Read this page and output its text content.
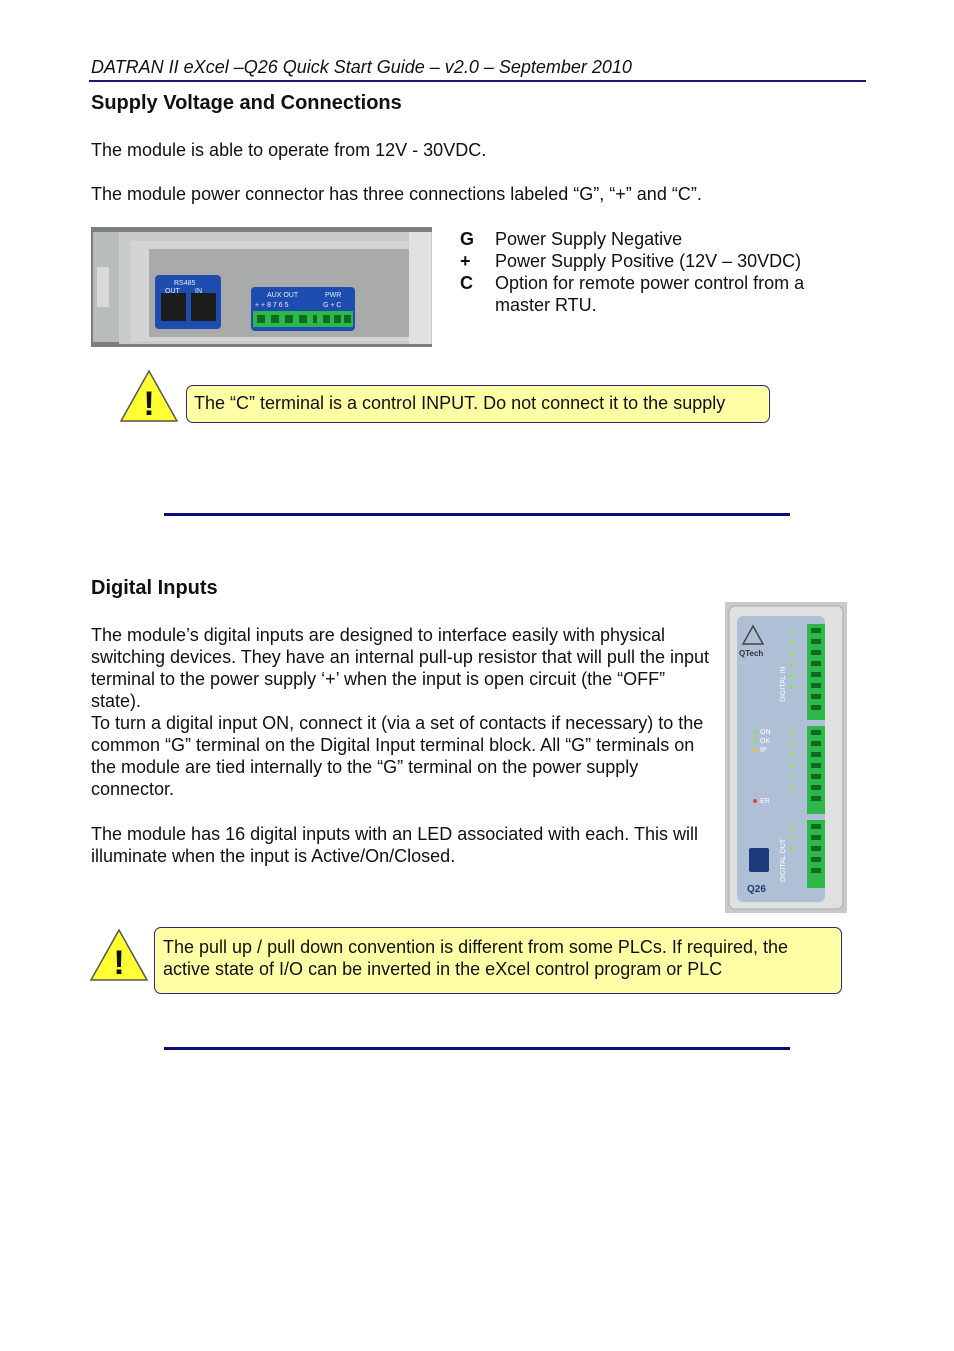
DATRAN II eXcel –Q26 Quick Start Guide – v2.0 – September 2010
Supply Voltage and Connections
The module is able to operate from 12V - 30VDC.
The module power connector has three connections labeled “G”, “+” and “C”.
RS485
OUT IN
AUX OUT
+ + 8 7 6 5
PWR
G + C
G Power Supply Negative
+ Power Supply Positive (12V – 30VDC)
C Option for remote power control from a master RTU.
!	The “C” terminal is a control INPUT. Do not connect it to the supply
Digital Inputs
The module’s digital inputs are designed to interface easily with physical switching devices. They have an internal pull-up resistor that will pull the input terminal to the power supply ‘+’ when the input is open circuit (the “OFF” state).
To turn a digital input ON, connect it (via a set of contacts if necessary) to the common “G” terminal on the Digital Input terminal block. All “G” terminals on the module are tied internally to the “G” terminal on the power supply connector.
The module has 16 digital inputs with an LED associated with each. This will illuminate when the input is Active/On/Closed.
QTech
ON
OK
IP
ER
DIGITAL IN
DIGITAL OUT
Q26
!	The pull up / pull down convention is different from some PLCs. If required, the active state of I/O can be inverted in the eXcel control program or PLC
